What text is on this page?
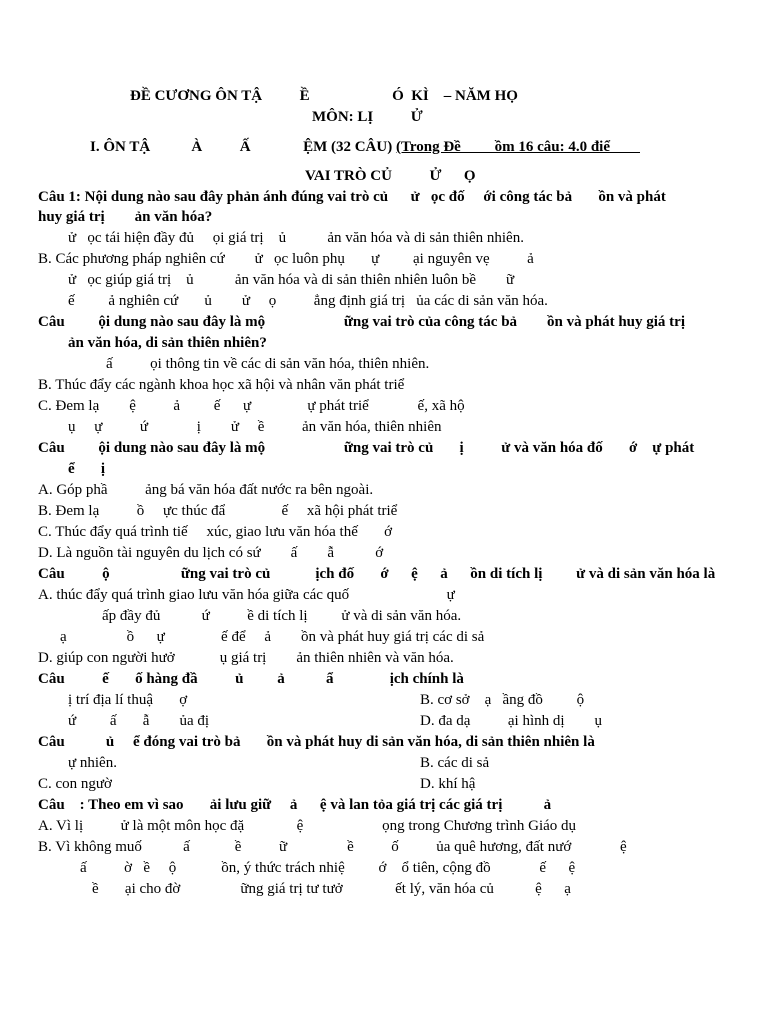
ĐỀ CƯƠNG ÔN TẬ          Ề                      Ó  KÌ    – NĂM HỌ
MÔN: LỊ          Ử
I. ÔN TẬ           À          Ấ              ỆM (32 CÂU) (Trong Đề         ồm 16 câu: 4.0 điể
VAI TRÒ CỦ          Ử      Ọ
Câu 1: Nội dung nào sau đây phản ánh đúng vai trò củ      ử   ọc đố     ới công tác bả       ồn và phát
huy giá trị        ản văn hóa?
ử   ọc tái hiện đầy đủ     ọi giá trị    ủ           ản văn hóa và di sản thiên nhiên.
B. Các phương pháp nghiên cứ        ử   ọc luôn phụ       ự         ại nguyên vẹ          ả
ử   ọc giúp giá trị    ủ           ản văn hóa và di sản thiên nhiên luôn bề        ữ
ế         ả nghiên cứ       ủ        ử     ọ          ẳng định giá trị   ủa các di sản văn hóa.
Câu         ội dung nào sau đây là mộ                     ững vai trò của công tác bả        ồn và phát huy giá trị
ản văn hóa, di sản thiên nhiên?
ấ          ọi thông tin về các di sản văn hóa, thiên nhiên.
B. Thúc đẩy các ngành khoa học xã hội và nhân văn phát triể
C. Đem lạ        ệ          ả         ế      ự               ự phát triể             ế, xã hộ
ụ     ự          ứ             ị        ử     ề          ản văn hóa, thiên nhiên
Câu         ội dung nào sau đây là mộ                     ững vai trò củ       ị          ử và văn hóa đố       ớ    ự phát
ể       ị
A. Góp phầ          ảng bá văn hóa đất nước ra bên ngoài.
B. Đem lạ          ồ     ực thúc đẩ               ế     xã hội phát triể
C. Thúc đẩy quá trình tiế     xúc, giao lưu văn hóa thế       ớ
D. Là nguồn tài nguyên du lịch có sứ        ấ        ẫ           ớ
Câu          ộ                   ững vai trò củ            ịch đố       ớ      ệ      ả      ồn di tích lị         ử và di sản văn hóa là
A. thúc đẩy quá trình giao lưu văn hóa giữa các quố                          ự
ấp đầy đủ           ứ          ề di tích lị         ử và di sản văn hóa.
ạ                ồ      ự               ế để     ả        ồn và phát huy giá trị các di sả
D. giúp con người hưở            ụ giá trị        ản thiên nhiên và văn hóa.
Câu          ế       ố hàng đầ          ủ         ả           ẩ               ịch chính là
ị trí địa lí thuậ       ợ	B. cơ sở    ạ   ầng đồ         ộ
ứ         ấ       ẫ        ủa đị	D. đa dạ          ại hình dị        ụ
Câu           ủ     ể đóng vai trò bả       ồn và phát huy di sản văn hóa, di sản thiên nhiên là
ự nhiên.	B. các di sả
C. con ngườ	D. khí hậ
Câu    : Theo em vì sao       ải lưu giữ     ả      ệ và lan tỏa giá trị các giá trị           ả
A. Vì lị          ử là một môn học đặ              ệ                     ọng trong Chương trình Giáo dụ
B. Vì không muố           ấ            ề          ữ                ề          ố          ủa quê hương, đất nướ             ệ
ấ          ờ   ề     ộ            ồn, ý thức trách nhiệ         ớ    ổ tiên, cộng đồ             ế      ệ
ề       ại cho đờ                ững giá trị tư tưở              ết lý, văn hóa củ           ệ      ạ
